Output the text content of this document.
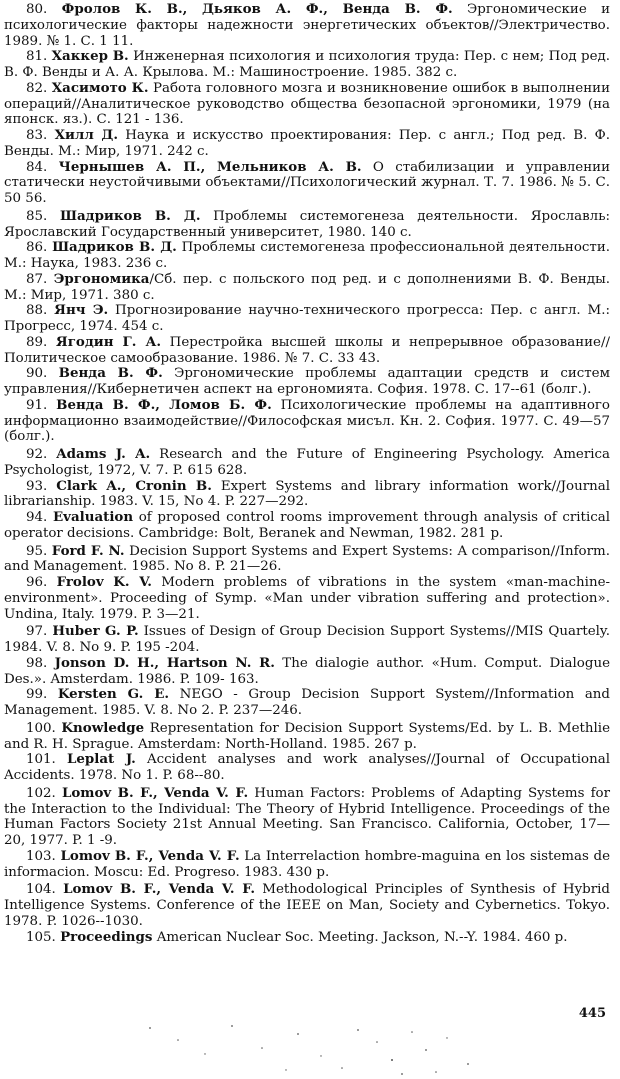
80. Фролов К. В., Дьяков А. Ф., Венда В. Ф. Эргономические и психологические факторы надежности энергетических объектов//Электричество. 1989. № 1. С. 1 11.

81. Хаккер В. Инженерная психология и психология труда: Пер. с нем; Под ред. В. Ф. Венды и А. А. Крылова. М.: Машиностроение. 1985. 382 с.

82. Хасимото К. Работа головного мозга и возникновение ошибок в выполнении операций//Аналитическое руководство общества безопасной эргономики, 1979 (на японск. яз.). С. 121 - 136.

83. Хилл Д. Наука и искусство проектирования: Пер. с англ.; Под ред. В. Ф. Венды. М.: Мир, 1971. 242 с.

84. Чернышев А. П., Мельников А. В. О стабилизации и управлении статически неустойчивыми объектами//Психологический журнал. Т. 7. 1986. № 5. С. 50 56.

85. Шадриков В. Д. Проблемы системогенеза деятельности. Ярославль: Ярославский Государственный университет, 1980. 140 с.

86. Шадриков В. Д. Проблемы системогенеза профессиональной деятельности. М.: Наука, 1983. 236 с.

87. Эргономика/Сб. пер. с польского под ред. и с дополнениями В. Ф. Венды. М.: Мир, 1971. 380 с.

88. Янч Э. Прогнозирование научно-технического прогресса: Пер. с англ. М.: Прогресс, 1974. 454 с.

89. Ягодин Г. А. Перестройка высшей школы и непрерывное образование// Политическое самообразование. 1986. № 7. С. 33 43.

90. Венда В. Ф. Эргономические проблемы адаптации средств и систем управления//Кибернетичен аспект на ергономията. София. 1978. С. 17--61 (болг.).

91. Венда В. Ф., Ломов Б. Ф. Психологические проблемы на адаптивного информационно взаимодействие//Философская мисъл. Кн. 2. София. 1977. С. 49—57 (болг.).

92. Adams J. A. Research and the Future of Engineering Psychology. America Psychologist, 1972, V. 7. P. 615 628.

93. Clark A., Cronin B. Expert Systems and library information work//Journal librarianship. 1983. V. 15, No 4. P. 227—292.

94. Evaluation of proposed control rooms improvement through analysis of critical operator decisions. Cambridge: Bolt, Beranek and Newman, 1982. 281 p.

95. Ford F. N. Decision Support Systems and Expert Systems: A comparison//Inform. and Management. 1985. No 8. P. 21—26.

96. Frolov K. V. Modern problems of vibrations in the system «man-machine-environment». Proceeding of Symp. «Man under vibration suffering and protection». Undina, Italy. 1979. P. 3—21.

97. Huber G. P. Issues of Design of Group Decision Support Systems//MIS Quartely. 1984. V. 8. No 9. P. 195 -204.

98. Jonson D. H., Hartson N. R. The dialogie author. «Hum. Comput. Dialogue Des.». Amsterdam. 1986. P. 109- 163.

99. Kersten G. E. NEGO - Group Decision Support System//Information and Management. 1985. V. 8. No 2. P. 237—246.

100. Knowledge Representation for Decision Support Systems/Ed. by L. B. Methlie and R. H. Sprague. Amsterdam: North-Holland. 1985. 267 p.

101. Leplat J. Accident analyses and work analyses//Journal of Occupational Accidents. 1978. No 1. P. 68--80.

102. Lomov B. F., Venda V. F. Human Factors: Problems of Adapting Systems for the Interaction to the Individual: The Theory of Hybrid Intelligence. Proceedings of the Human Factors Society 21st Annual Meeting. San Francisco. California, October, 17—20, 1977. P. 1 -9.

103. Lomov B. F., Venda V. F. La Interrelaction hombre-maguina en los sistemas de informacion. Moscu: Ed. Progreso. 1983. 430 p.

104. Lomov B. F., Venda V. F. Methodological Principles of Synthesis of Hybrid Intelligence Systems. Conference of the IEEE on Man, Society and Cybernetics. Tokyo. 1978. P. 1026--1030.

105. Proceedings American Nuclear Soc. Meeting. Jackson, N.--Y. 1984. 460 p.

445
